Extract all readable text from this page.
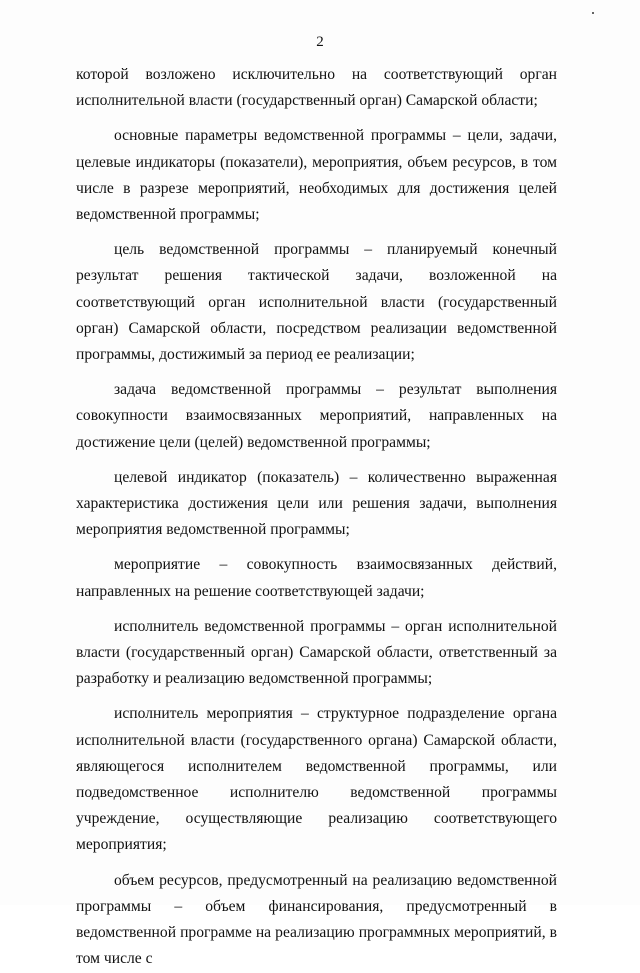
2

которой возложено исключительно на соответствующий орган исполнительной власти (государственный орган) Самарской области;

основные параметры ведомственной программы – цели, задачи, целевые индикаторы (показатели), мероприятия, объем ресурсов, в том числе в разрезе мероприятий, необходимых для достижения целей ведомственной программы;

цель ведомственной программы – планируемый конечный результат решения тактической задачи, возложенной на соответствующий орган исполнительной власти (государственный орган) Самарской области, посредством реализации ведомственной программы, достижимый за период ее реализации;

задача ведомственной программы – результат выполнения совокупности взаимосвязанных мероприятий, направленных на достижение цели (целей) ведомственной программы;

целевой индикатор (показатель) – количественно выраженная характеристика достижения цели или решения задачи, выполнения мероприятия ведомственной программы;

мероприятие – совокупность взаимосвязанных действий, направленных на решение соответствующей задачи;

исполнитель ведомственной программы – орган исполнительной власти (государственный орган) Самарской области, ответственный за разработку и реализацию ведомственной программы;

исполнитель мероприятия – структурное подразделение органа исполнительной власти (государственного органа) Самарской области, являющегося исполнителем ведомственной программы, или подведомственное исполнителю ведомственной программы учреждение, осуществляющие реализацию соответствующего мероприятия;

объем ресурсов, предусмотренный на реализацию ведомственной программы – объем финансирования, предусмотренный в ведомственной программе на реализацию программных мероприятий, в том числе с
